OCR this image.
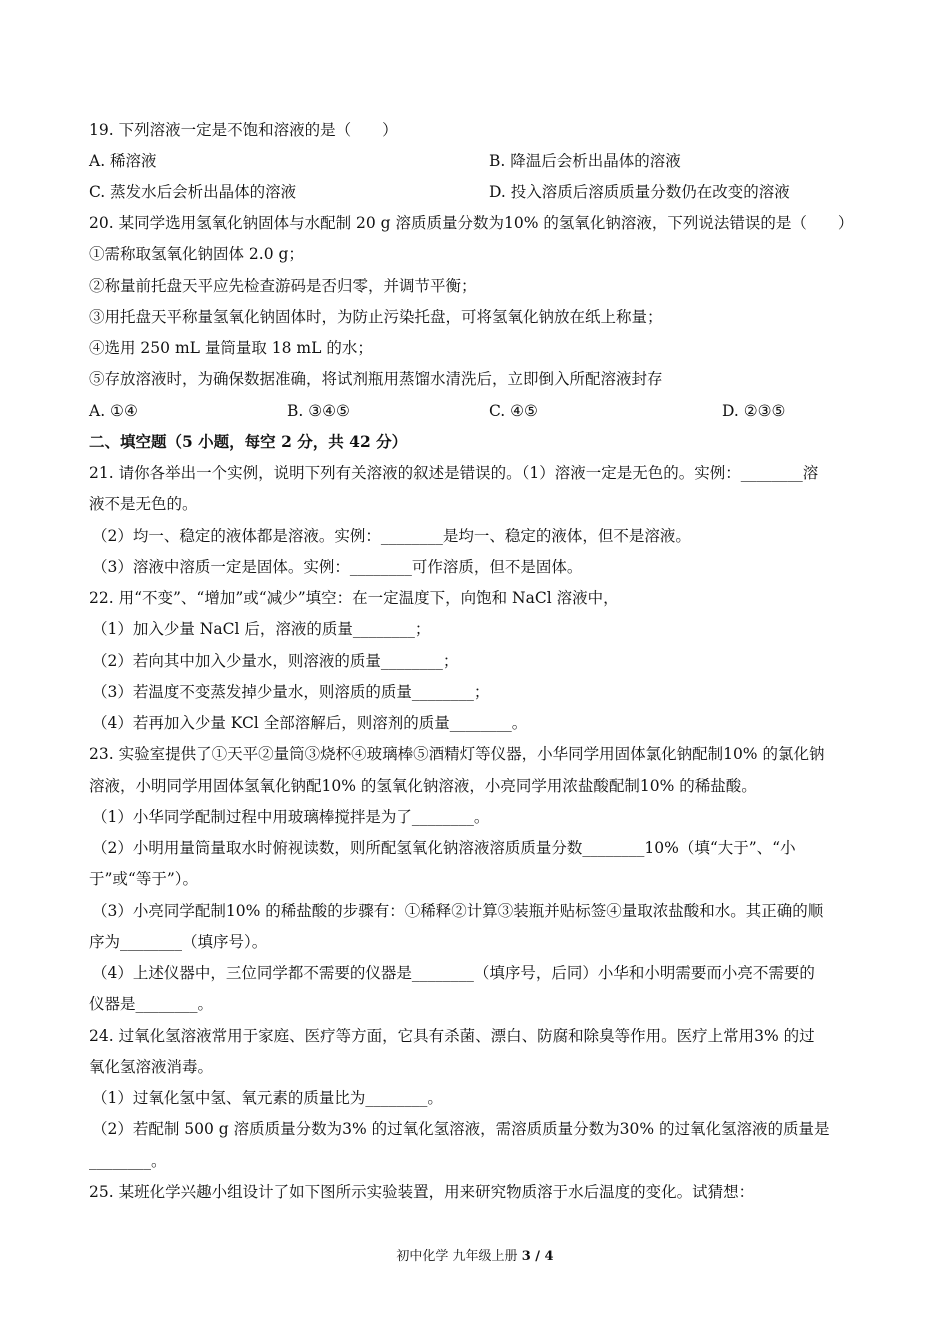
19. 下列溶液一定是不饱和溶液的是（　　）
A. 稀溶液	B. 降温后会析出晶体的溶液
C. 蒸发水后会析出晶体的溶液	D. 投入溶质后溶质质量分数仍在改变的溶液
20. 某同学选用氢氧化钠固体与水配制 20 g 溶质质量分数为10% 的氢氧化钠溶液，下列说法错误的是（　　）
①需称取氢氧化钠固体 2.0 g；
②称量前托盘天平应先检查游码是否归零，并调节平衡；
③用托盘天平称量氢氧化钠固体时，为防止污染托盘，可将氢氧化钠放在纸上称量；
④选用 250 mL 量筒量取 18 mL 的水；
⑤存放溶液时，为确保数据准确，将试剂瓶用蒸馏水清洗后，立即倒入所配溶液封存
A. ①④	B. ③④⑤	C. ④⑤	D. ②③⑤
二、填空题（5 小题，每空 2 分，共 42 分）
21. 请你各举出一个实例，说明下列有关溶液的叙述是错误的。（1）溶液一定是无色的。实例：________溶
液不是无色的。
（2）均一、稳定的液体都是溶液。实例：________是均一、稳定的液体，但不是溶液。
（3）溶液中溶质一定是固体。实例：________可作溶质，但不是固体。
22. 用“不变”、“增加”或“减少”填空：在一定温度下，向饱和 NaCl 溶液中，
（1）加入少量 NaCl 后，溶液的质量________；
（2）若向其中加入少量水，则溶液的质量________；
（3）若温度不变蒸发掉少量水，则溶质的质量________；
（4）若再加入少量 KCl 全部溶解后，则溶剂的质量________。
23. 实验室提供了①天平②量筒③烧杯④玻璃棒⑤酒精灯等仪器，小华同学用固体氯化钠配制10% 的氯化钠
溶液，小明同学用固体氢氧化钠配10% 的氢氧化钠溶液，小亮同学用浓盐酸配制10% 的稀盐酸。
（1）小华同学配制过程中用玻璃棒搅拌是为了________。
（2）小明用量筒量取水时俯视读数，则所配氢氧化钠溶液溶质质量分数________10%（填“大于”、“小
于”或“等于”）。
（3）小亮同学配制10% 的稀盐酸的步骤有：①稀释②计算③装瓶并贴标签④量取浓盐酸和水。其正确的顺
序为________（填序号）。
（4）上述仪器中，三位同学都不需要的仪器是________（填序号，后同）小华和小明需要而小亮不需要的
仪器是________。
24. 过氧化氢溶液常用于家庭、医疗等方面，它具有杀菌、漂白、防腐和除臭等作用。医疗上常用3% 的过
氧化氢溶液消毒。
（1）过氧化氢中氢、氧元素的质量比为________。
（2）若配制 500 g 溶质质量分数为3% 的过氧化氢溶液，需溶质质量分数为30% 的过氧化氢溶液的质量是
________。
25. 某班化学兴趣小组设计了如下图所示实验装置，用来研究物质溶于水后温度的变化。试猜想：
初中化学 九年级上册 3 / 4
